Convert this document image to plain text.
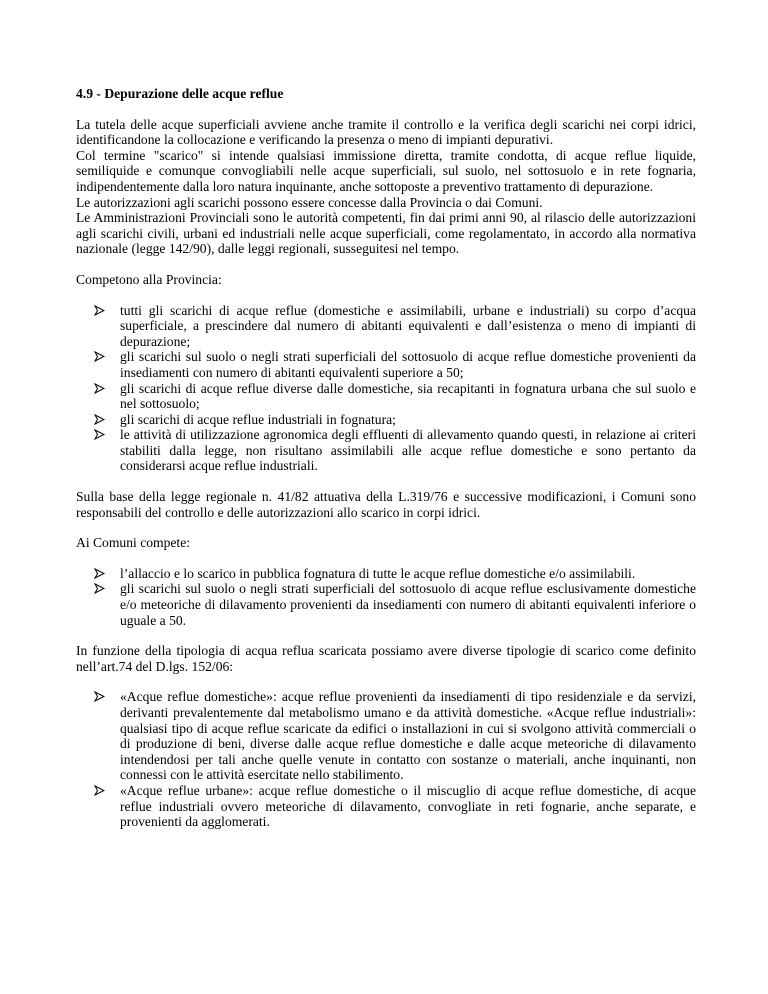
4.9 - Depurazione delle acque reflue

La tutela delle acque superficiali avviene anche tramite il controllo e la verifica degli scarichi nei corpi idrici, identificandone la collocazione e verificando la presenza o meno di impianti depurativi.
Col termine "scarico" si intende qualsiasi immissione diretta, tramite condotta, di acque reflue liquide, semiliquide e comunque convogliabili nelle acque superficiali, sul suolo, nel sottosuolo e in rete fognaria, indipendentemente dalla loro natura inquinante, anche sottoposte a preventivo trattamento di depurazione.
Le autorizzazioni agli scarichi possono essere concesse dalla Provincia o dai Comuni.
Le Amministrazioni Provinciali sono le autorità competenti, fin dai primi anni 90, al rilascio delle autorizzazioni agli scarichi civili, urbani ed industriali nelle acque superficiali, come regolamentato, in accordo alla normativa nazionale (legge 142/90), dalle leggi regionali, susseguitesi nel tempo.

Competono alla Provincia:

tutti gli scarichi di acque reflue (domestiche e assimilabili, urbane e industriali) su corpo d’acqua superficiale, a prescindere dal numero di abitanti equivalenti e dall’esistenza o meno di impianti di depurazione;
gli scarichi sul suolo o negli strati superficiali del sottosuolo di acque reflue domestiche provenienti da insediamenti con numero di abitanti equivalenti superiore a 50;
gli scarichi di acque reflue diverse dalle domestiche, sia recapitanti in fognatura urbana che sul suolo e nel sottosuolo;
gli scarichi di acque reflue industriali in fognatura;
le attività di utilizzazione agronomica degli effluenti di allevamento quando questi, in relazione ai criteri stabiliti dalla legge, non risultano assimilabili alle acque reflue domestiche e sono pertanto da considerarsi acque reflue industriali.

Sulla base della legge regionale n. 41/82 attuativa della L.319/76 e successive modificazioni, i Comuni sono responsabili del controllo e delle autorizzazioni allo scarico in corpi idrici.

Ai Comuni compete:

l’allaccio e lo scarico in pubblica fognatura di tutte le acque reflue domestiche e/o assimilabili.
gli scarichi sul suolo o negli strati superficiali del sottosuolo di acque reflue esclusivamente domestiche e/o meteoriche di dilavamento provenienti da insediamenti con numero di abitanti equivalenti inferiore o uguale a 50.

In funzione della tipologia di acqua reflua scaricata possiamo avere diverse tipologie di scarico come definito nell’art.74 del D.lgs. 152/06:

«Acque reflue domestiche»: acque reflue provenienti da insediamenti di tipo residenziale e da servizi, derivanti prevalentemente dal metabolismo umano e da attività domestiche. «Acque reflue industriali»: qualsiasi tipo di acque reflue scaricate da edifici o installazioni in cui si svolgono attività commerciali o di produzione di beni, diverse dalle acque reflue domestiche e dalle acque meteoriche di dilavamento intendendosi per tali anche quelle venute in contatto con sostanze o materiali, anche inquinanti, non connessi con le attività esercitate nello stabilimento.
«Acque reflue urbane»: acque reflue domestiche o il miscuglio di acque reflue domestiche, di acque reflue industriali ovvero meteoriche di dilavamento, convogliate in reti fognarie, anche separate, e provenienti da agglomerati.
